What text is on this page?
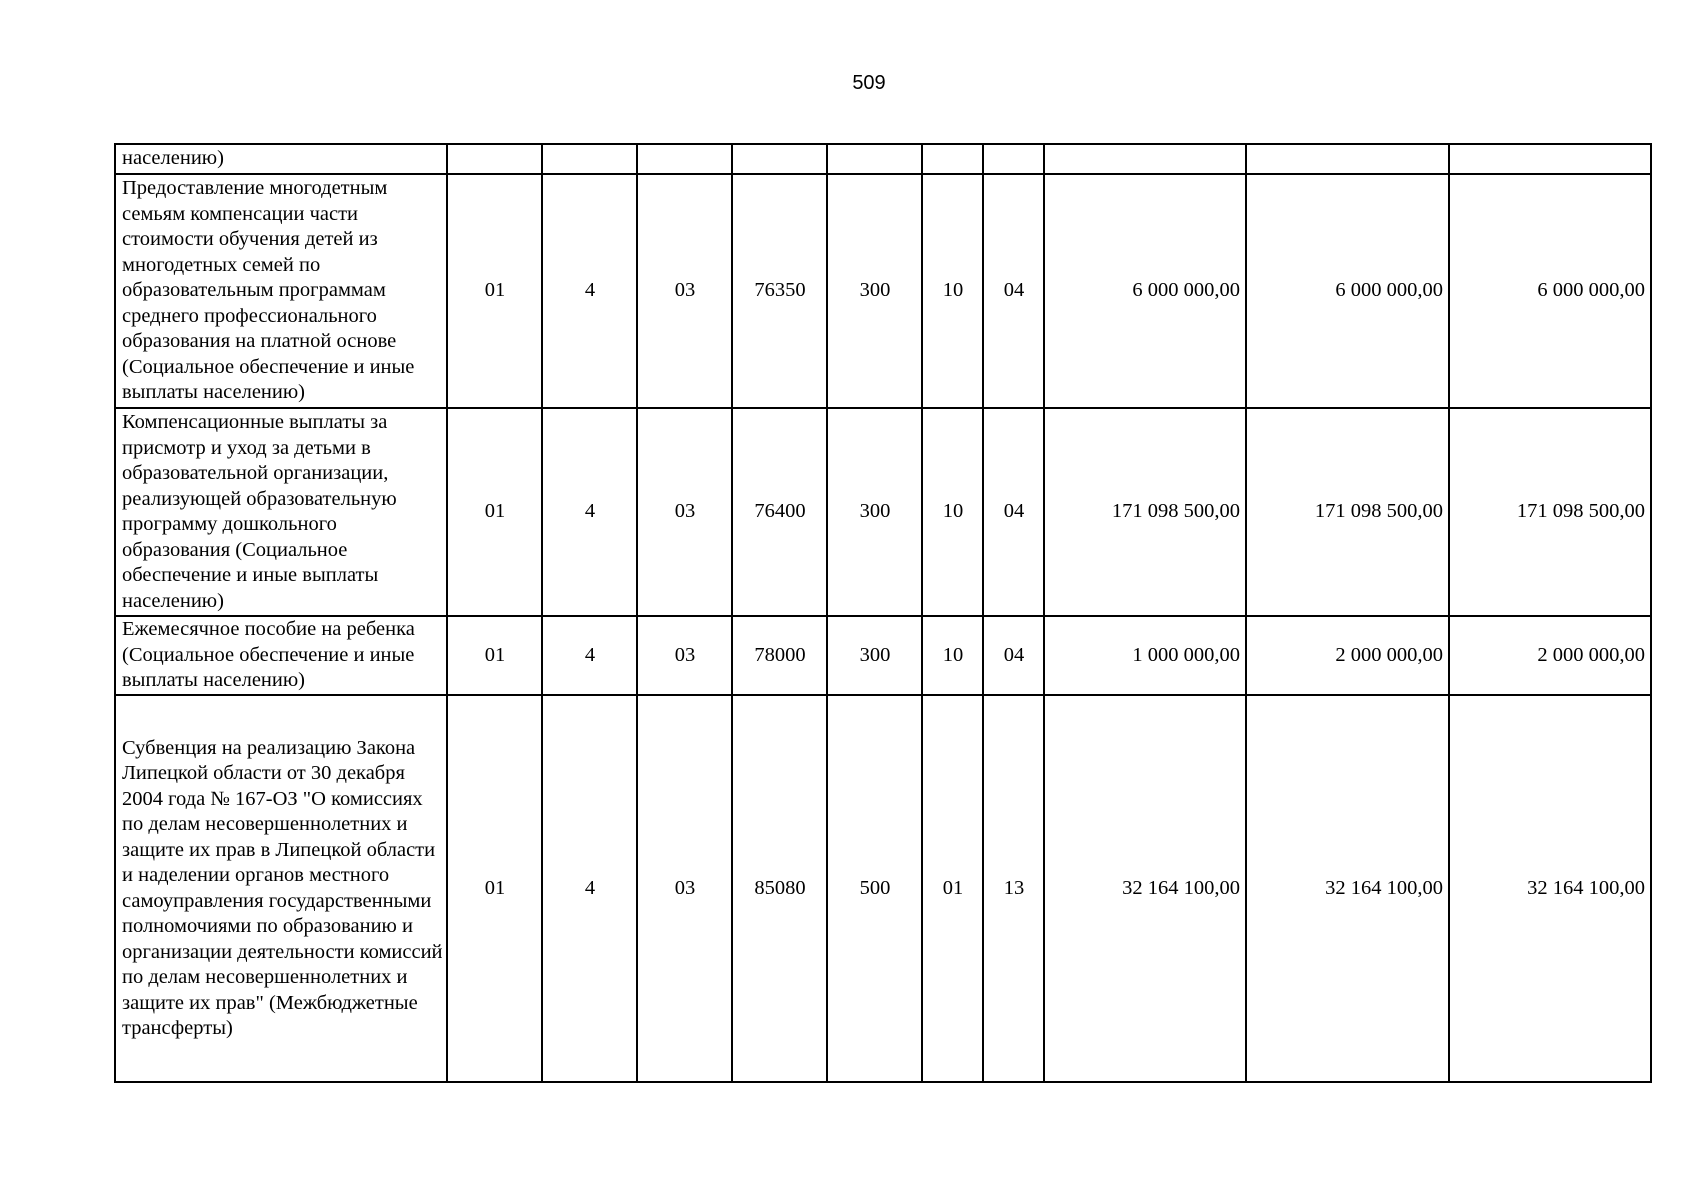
509
населению)										
Предоставление многодетным семьям компенсации части стоимости обучения детей из многодетных семей по образовательным программам среднего профессионального образования на платной основе (Социальное обеспечение и иные выплаты населению)	01	4	03	76350	300	10	04	6 000 000,00	6 000 000,00	6 000 000,00
Компенсационные выплаты за присмотр и уход за детьми в образовательной организации, реализующей образовательную программу дошкольного образования (Социальное обеспечение и иные выплаты населению)	01	4	03	76400	300	10	04	171 098 500,00	171 098 500,00	171 098 500,00
Ежемесячное пособие на ребенка (Социальное обеспечение и иные выплаты населению)	01	4	03	78000	300	10	04	1 000 000,00	2 000 000,00	2 000 000,00
Субвенция на реализацию Закона Липецкой области от 30 декабря 2004 года № 167-ОЗ "О комиссиях по делам несовершеннолетних и защите их прав в Липецкой области и наделении органов местного самоуправления государственными полномочиями по образованию и организации деятельности комиссий по делам несовершеннолетних и защите их прав" (Межбюджетные трансферты)	01	4	03	85080	500	01	13	32 164 100,00	32 164 100,00	32 164 100,00
